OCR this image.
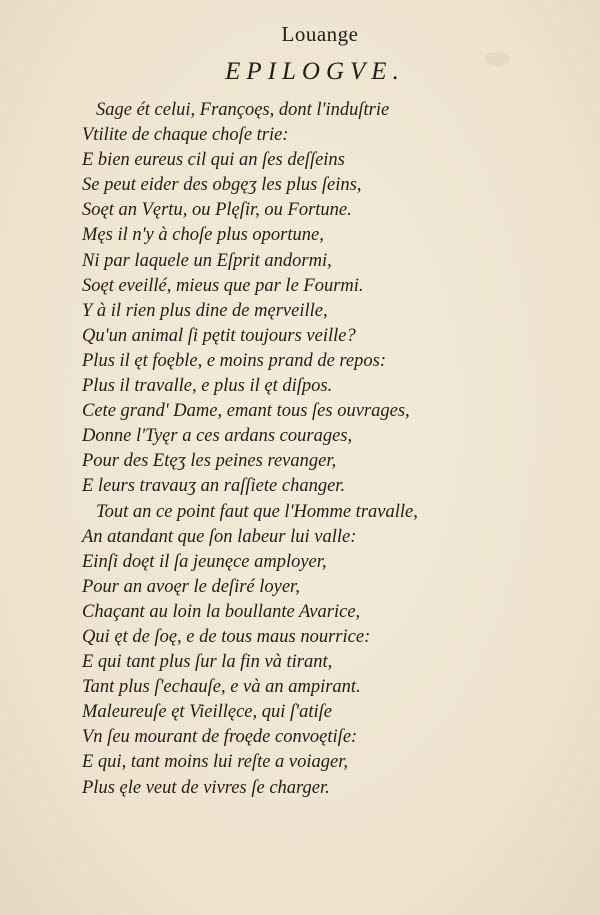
Louange
EPILOGVE.
Sage ét celui, Françoęs, dont l'induſtrie
Vtilite de chaque choſe trie:
E bien eureus cil qui an ſes deſſeins
Se peut eider des obgęʒ les plus ſeins,
Soęt an Vęrtu, ou Plęſir, ou Fortune.
Męs il n'y à choſe plus oportune,
Ni par laquele un Eſprit andormi,
Soęt eveillé, mieus que par le Fourmi.
Y à il rien plus dine de męrveille,
Qu'un animal ſi pętit toujours veille?
Plus il ęt foęble, e moins prand de repos:
Plus il travalle, e plus il ęt diſpos.
Cete grand' Dame, emant tous ſes ouvrages,
Donne l'Tyęr a ces ardans courages,
Pour des Etęʒ les peines revanger,
E leurs travauʒ an raſſiete changer.
Tout an ce point faut que l'Homme travalle,
An atandant que ſon labeur lui valle:
Einſi doęt il ſa jeunęce amployer,
Pour an avoęr le deſiré loyer,
Chaçant au loin la boullante Avarice,
Qui ęt de ſoę, e de tous maus nourrice:
E qui tant plus ſur la fin và tirant,
Tant plus ſ'echauſe, e và an ampirant.
Maleureuſe ęt Vieillęce, qui ſ'atiſe
Vn ſeu mourant de froęde convoętiſe:
E qui, tant moins lui reſte a voiager,
Plus ęle veut de vivres ſe charger.
